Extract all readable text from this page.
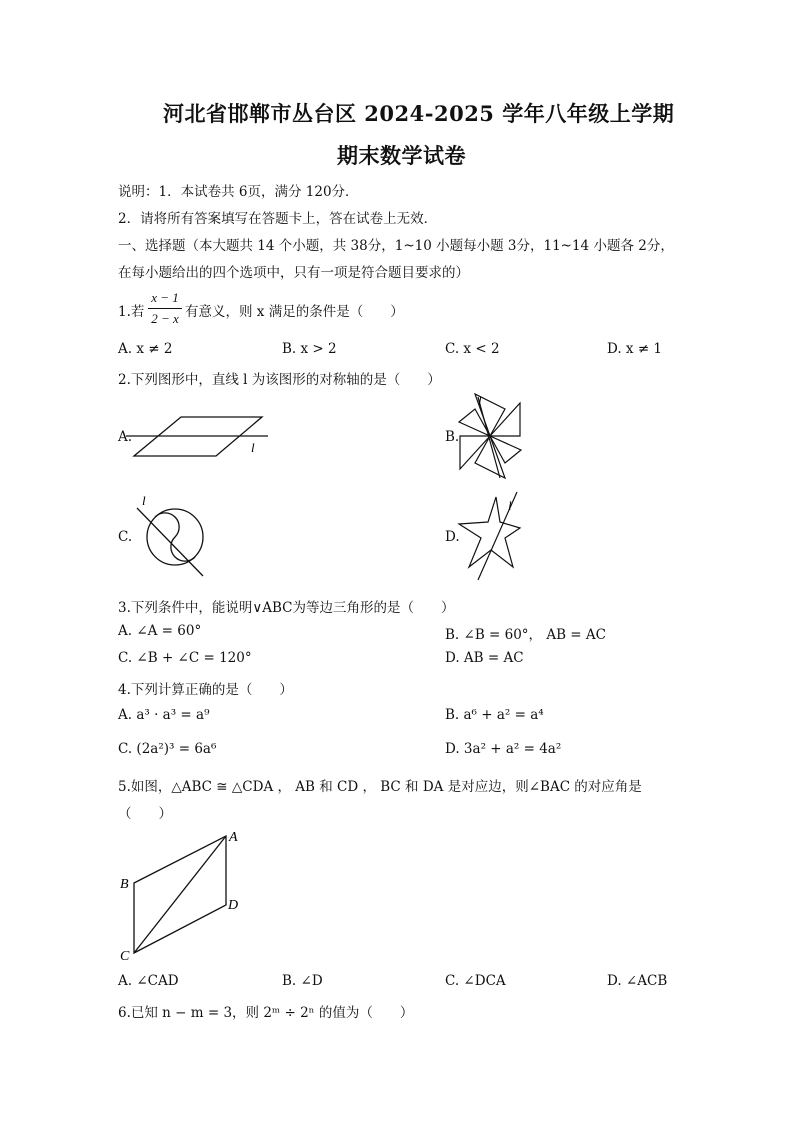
河北省邯郸市丛台区 2024-2025 学年八年级上学期
期末数学试卷
说明：1．本试卷共 6页，满分 120分．
2．请将所有答案填写在答题卡上，答在试卷上无效．
一、选择题（本大题共 14 个小题，共 38分，1~10 小题每小题 3分，11~14 小题各 2分，
在每小题给出的四个选项中，只有一项是符合题目要求的）
1.若
x − 1
2 − x 有意义，则 x 满足的条件是（　　）
A. x ≠ 2	B. x > 2	C. x < 2	D. x ≠ 1
2.下列图形中，直线 l 为该图形的对称轴的是（　　）
A.
l
B.
l
C.
l
D.
l
3.下列条件中，能说明∨ABC为等边三角形的是（　　）
A. ∠A = 60°	B. ∠B = 60°， AB = AC
C. ∠B + ∠C = 120°	D. AB = AC
4.下列计算正确的是（　　）
A. a³ · a³ = a⁹	B. a⁶ + a² = a⁴
C. (2a²)³ = 6a⁶	D. 3a² + a² = 4a²
5.如图，△ABC ≅ △CDA ， AB 和 CD ， BC 和 DA 是对应边，则∠BAC 的对应角是
（　　）
A
B
C
D
A. ∠CAD	B. ∠D	C. ∠DCA	D. ∠ACB
6.已知 n − m = 3，则 2ᵐ ÷ 2ⁿ 的值为（　　）
